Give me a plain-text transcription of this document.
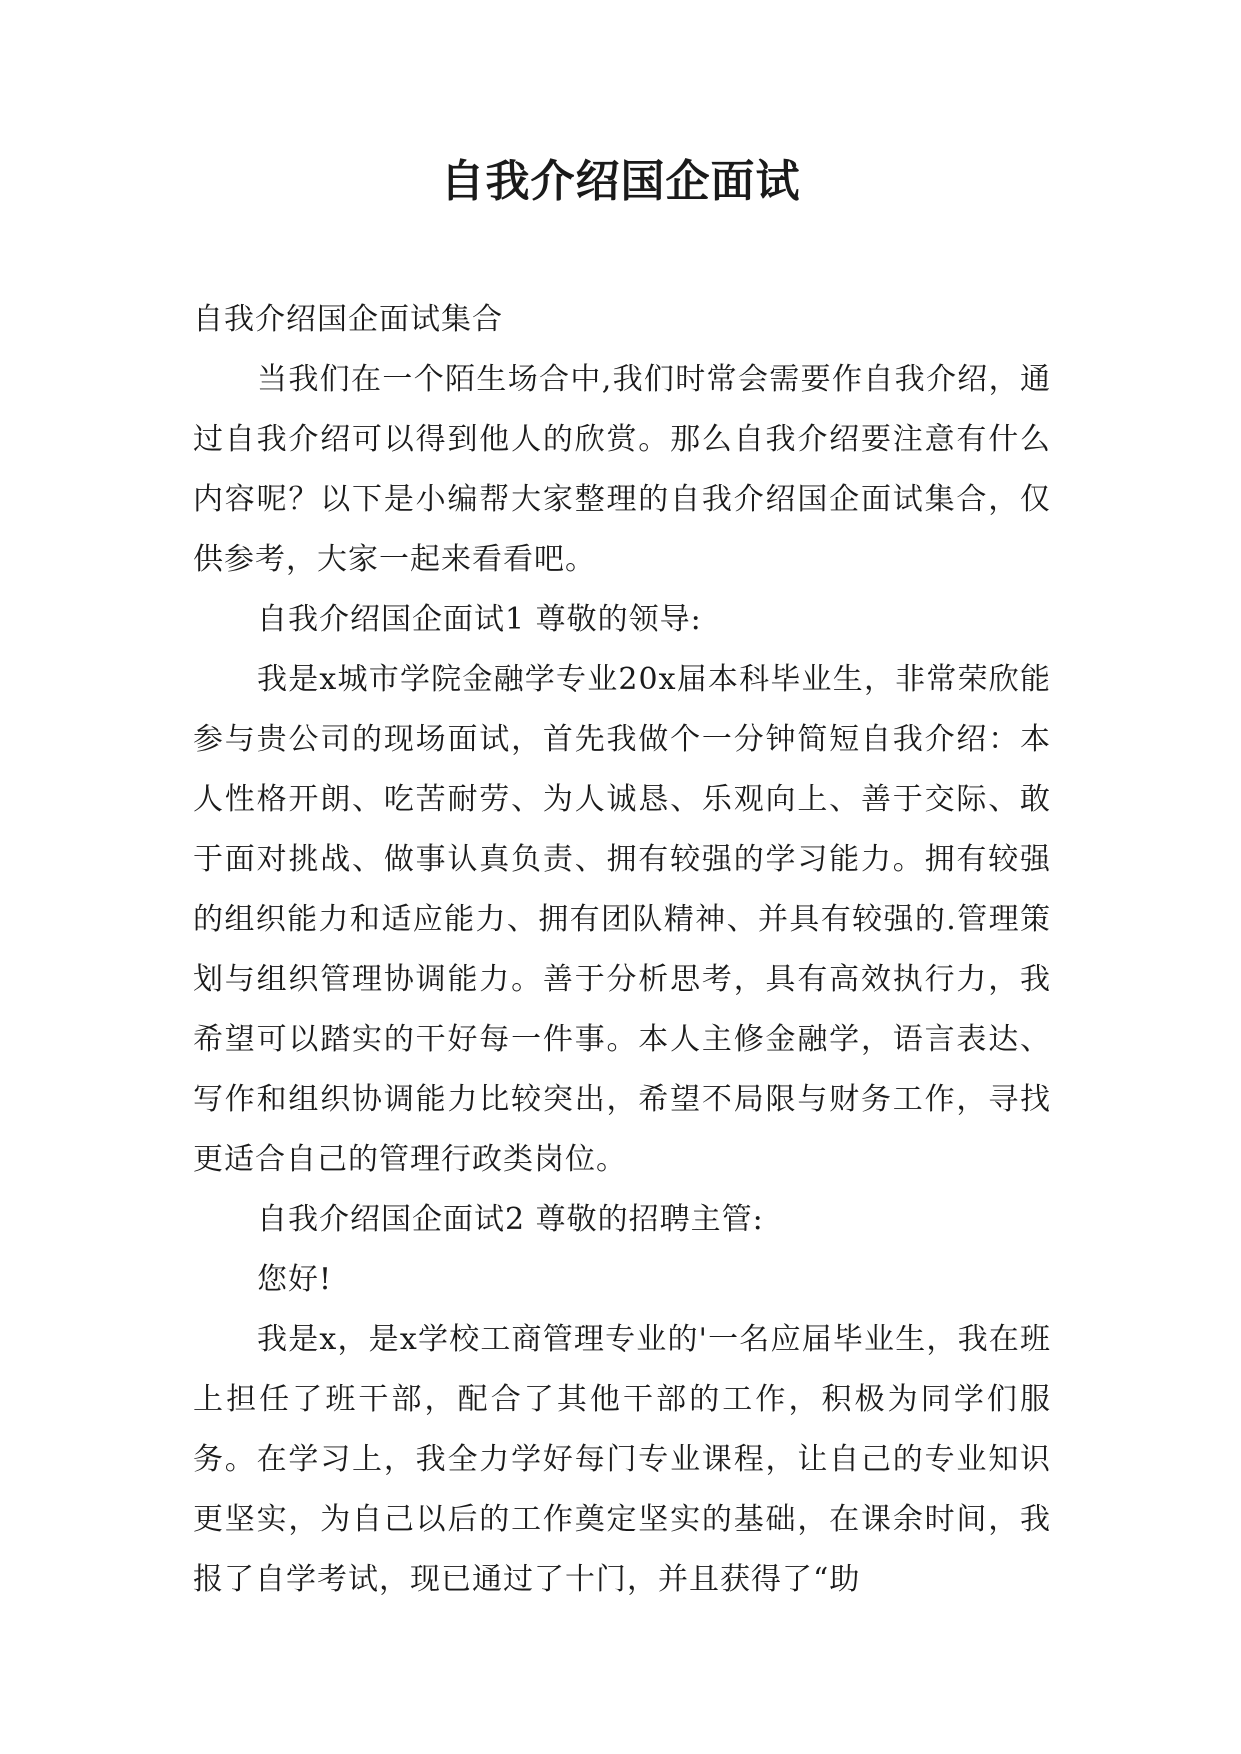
自我介绍国企面试

自我介绍国企面试集合

当我们在一个陌生场合中,我们时常会需要作自我介绍，通过自我介绍可以得到他人的欣赏。那么自我介绍要注意有什么内容呢？以下是小编帮大家整理的自我介绍国企面试集合，仅供参考，大家一起来看看吧。

自我介绍国企面试1 尊敬的领导:

我是x城市学院金融学专业20x届本科毕业生，非常荣欣能参与贵公司的现场面试，首先我做个一分钟简短自我介绍：本人性格开朗、吃苦耐劳、为人诚恳、乐观向上、善于交际、敢于面对挑战、做事认真负责、拥有较强的学习能力。拥有较强的组织能力和适应能力、拥有团队精神、并具有较强的.管理策划与组织管理协调能力。善于分析思考，具有高效执行力，我希望可以踏实的干好每一件事。本人主修金融学，语言表达、写作和组织协调能力比较突出，希望不局限与财务工作，寻找更适合自己的管理行政类岗位。

自我介绍国企面试2 尊敬的招聘主管:

您好!

我是x，是x学校工商管理专业的'一名应届毕业生，我在班上担任了班干部，配合了其他干部的工作，积极为同学们服务。在学习上，我全力学好每门专业课程，让自己的专业知识更坚实，为自己以后的工作奠定坚实的基础，在课余时间，我报了自学考试，现已通过了十门，并且获得了“助
